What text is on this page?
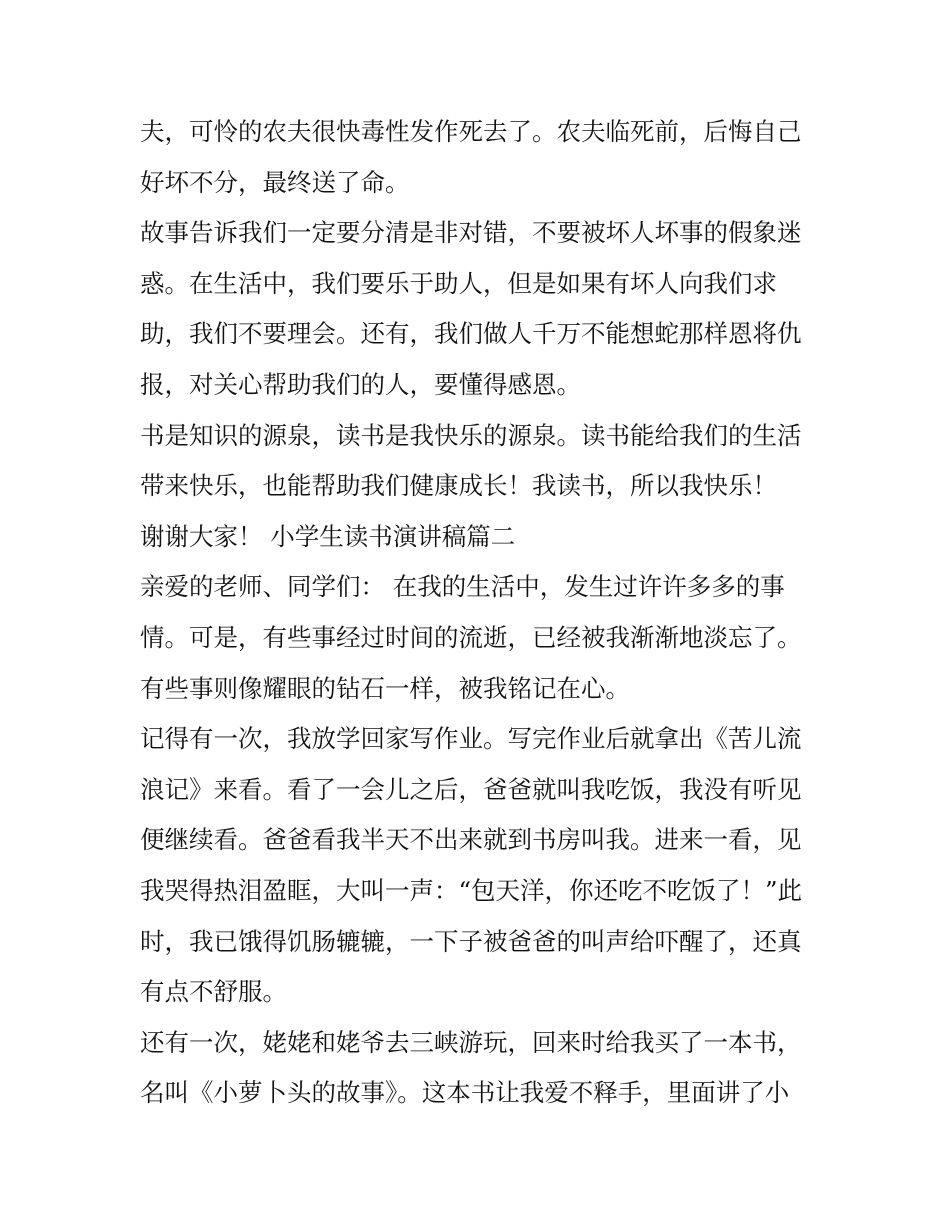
夫，可怜的农夫很快毒性发作死去了。农夫临死前，后悔自己
好坏不分，最终送了命。
故事告诉我们一定要分清是非对错，不要被坏人坏事的假象迷
惑。在生活中，我们要乐于助人，但是如果有坏人向我们求
助，我们不要理会。还有，我们做人千万不能想蛇那样恩将仇
报，对关心帮助我们的人，要懂得感恩。
书是知识的源泉，读书是我快乐的源泉。读书能给我们的生活
带来快乐，也能帮助我们健康成长！我读书，所以我快乐！
谢谢大家！ 小学生读书演讲稿篇二
亲爱的老师、同学们： 在我的生活中，发生过许许多多的事
情。可是，有些事经过时间的流逝，已经被我渐渐地淡忘了。
有些事则像耀眼的钻石一样，被我铭记在心。
记得有一次，我放学回家写作业。写完作业后就拿出《苦儿流
浪记》来看。看了一会儿之后，爸爸就叫我吃饭，我没有听见
便继续看。爸爸看我半天不出来就到书房叫我。进来一看，见
我哭得热泪盈眶，大叫一声：“包天洋，你还吃不吃饭了！”此
时，我已饿得饥肠辘辘，一下子被爸爸的叫声给吓醒了，还真
有点不舒服。
还有一次，姥姥和姥爷去三峡游玩，回来时给我买了一本书，
名叫《小萝卜头的故事》。这本书让我爱不释手，里面讲了小
